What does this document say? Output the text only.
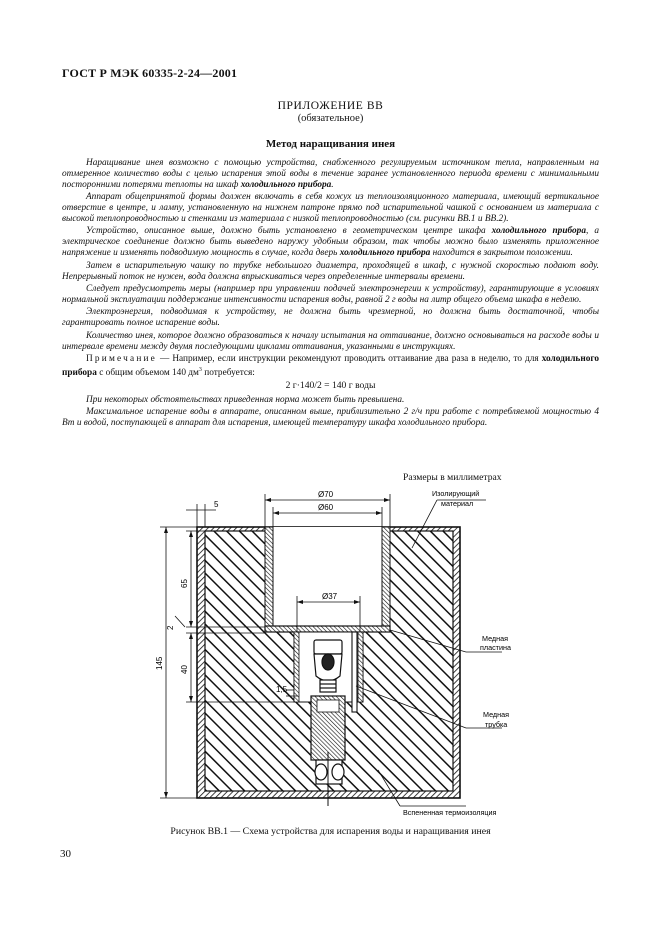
ГОСТ Р МЭК 60335-2-24—2001
ПРИЛОЖЕНИЕ ВВ
(обязательное)
Метод наращивания инея

Наращивание инея возможно с помощью устройства, снабженного регулируемым источником тепла, направленным на отмеренное количество воды с целью испарения этой воды в течение заранее установленного периода времени с минимальными посторонними потерями теплоты на шкаф холодильного прибора.

Аппарат общепринятой формы должен включать в себя кожух из теплоизоляционного материала, имеющий вертикальное отверстие в центре, и лампу, установленную на нижнем патроне прямо под испарительной чашкой с основанием из материала с высокой теплопроводностью и стенками из материала с низкой теплопроводностью (см. рисунки ВВ.1 и ВВ.2).

Устройство, описанное выше, должно быть установлено в геометрическом центре шкафа холодильного прибора, а электрическое соединение должно быть выведено наружу удобным образом, так чтобы можно было изменять приложенное напряжение и изменять подводимую мощность в случае, когда дверь холодильного прибора находится в закрытом положении.

Затем в испарительную чашку по трубке небольшого диаметра, проходящей в шкаф, с нужной скоростью подают воду. Непрерывный поток не нужен, вода должна впрыскиваться через определенные интервалы времени.

Следует предусмотреть меры (например при управлении подачей электроэнергии к устройству), гарантирующие в условиях нормальной эксплуатации поддержание интенсивности испарения воды, равной 2 г воды на литр общего объема шкафа в неделю.

Электроэнергия, подводимая к устройству, не должна быть чрезмерной, но должна быть достаточной, чтобы гарантировать полное испарение воды.

Количество инея, которое должно образоваться к началу испытания на оттаивание, должно основываться на расходе воды и интервале времени между двумя последующими циклами оттаивания, указанными в инструкциях.

Примечание — Например, если инструкции рекомендуют проводить оттаивание два раза в неделю, то для холодильного прибора с общим объемом 140 $дм^3$ потребуется:

2 г·140/2 = 140 г воды

При некоторых обстоятельствах приведенная норма может быть превышена.

Максимальное испарение воды в аппарате, описанном выше, приблизительно 2 г/ч при работе с потребляемой мощностью 4 Вт и водой, поступающей в аппарат для испарения, имеющей температуру шкафа холодильного прибора.

Размеры в миллиметрах
Ø70
Ø60
Ø37
5
65
2
40
145
1,5
Изолирующий
материал
Медная
пластина
Медная
трубка
Вспененная термоизоляция
Рисунок ВВ.1 — Схема устройства для испарения воды и наращивания инея
30
